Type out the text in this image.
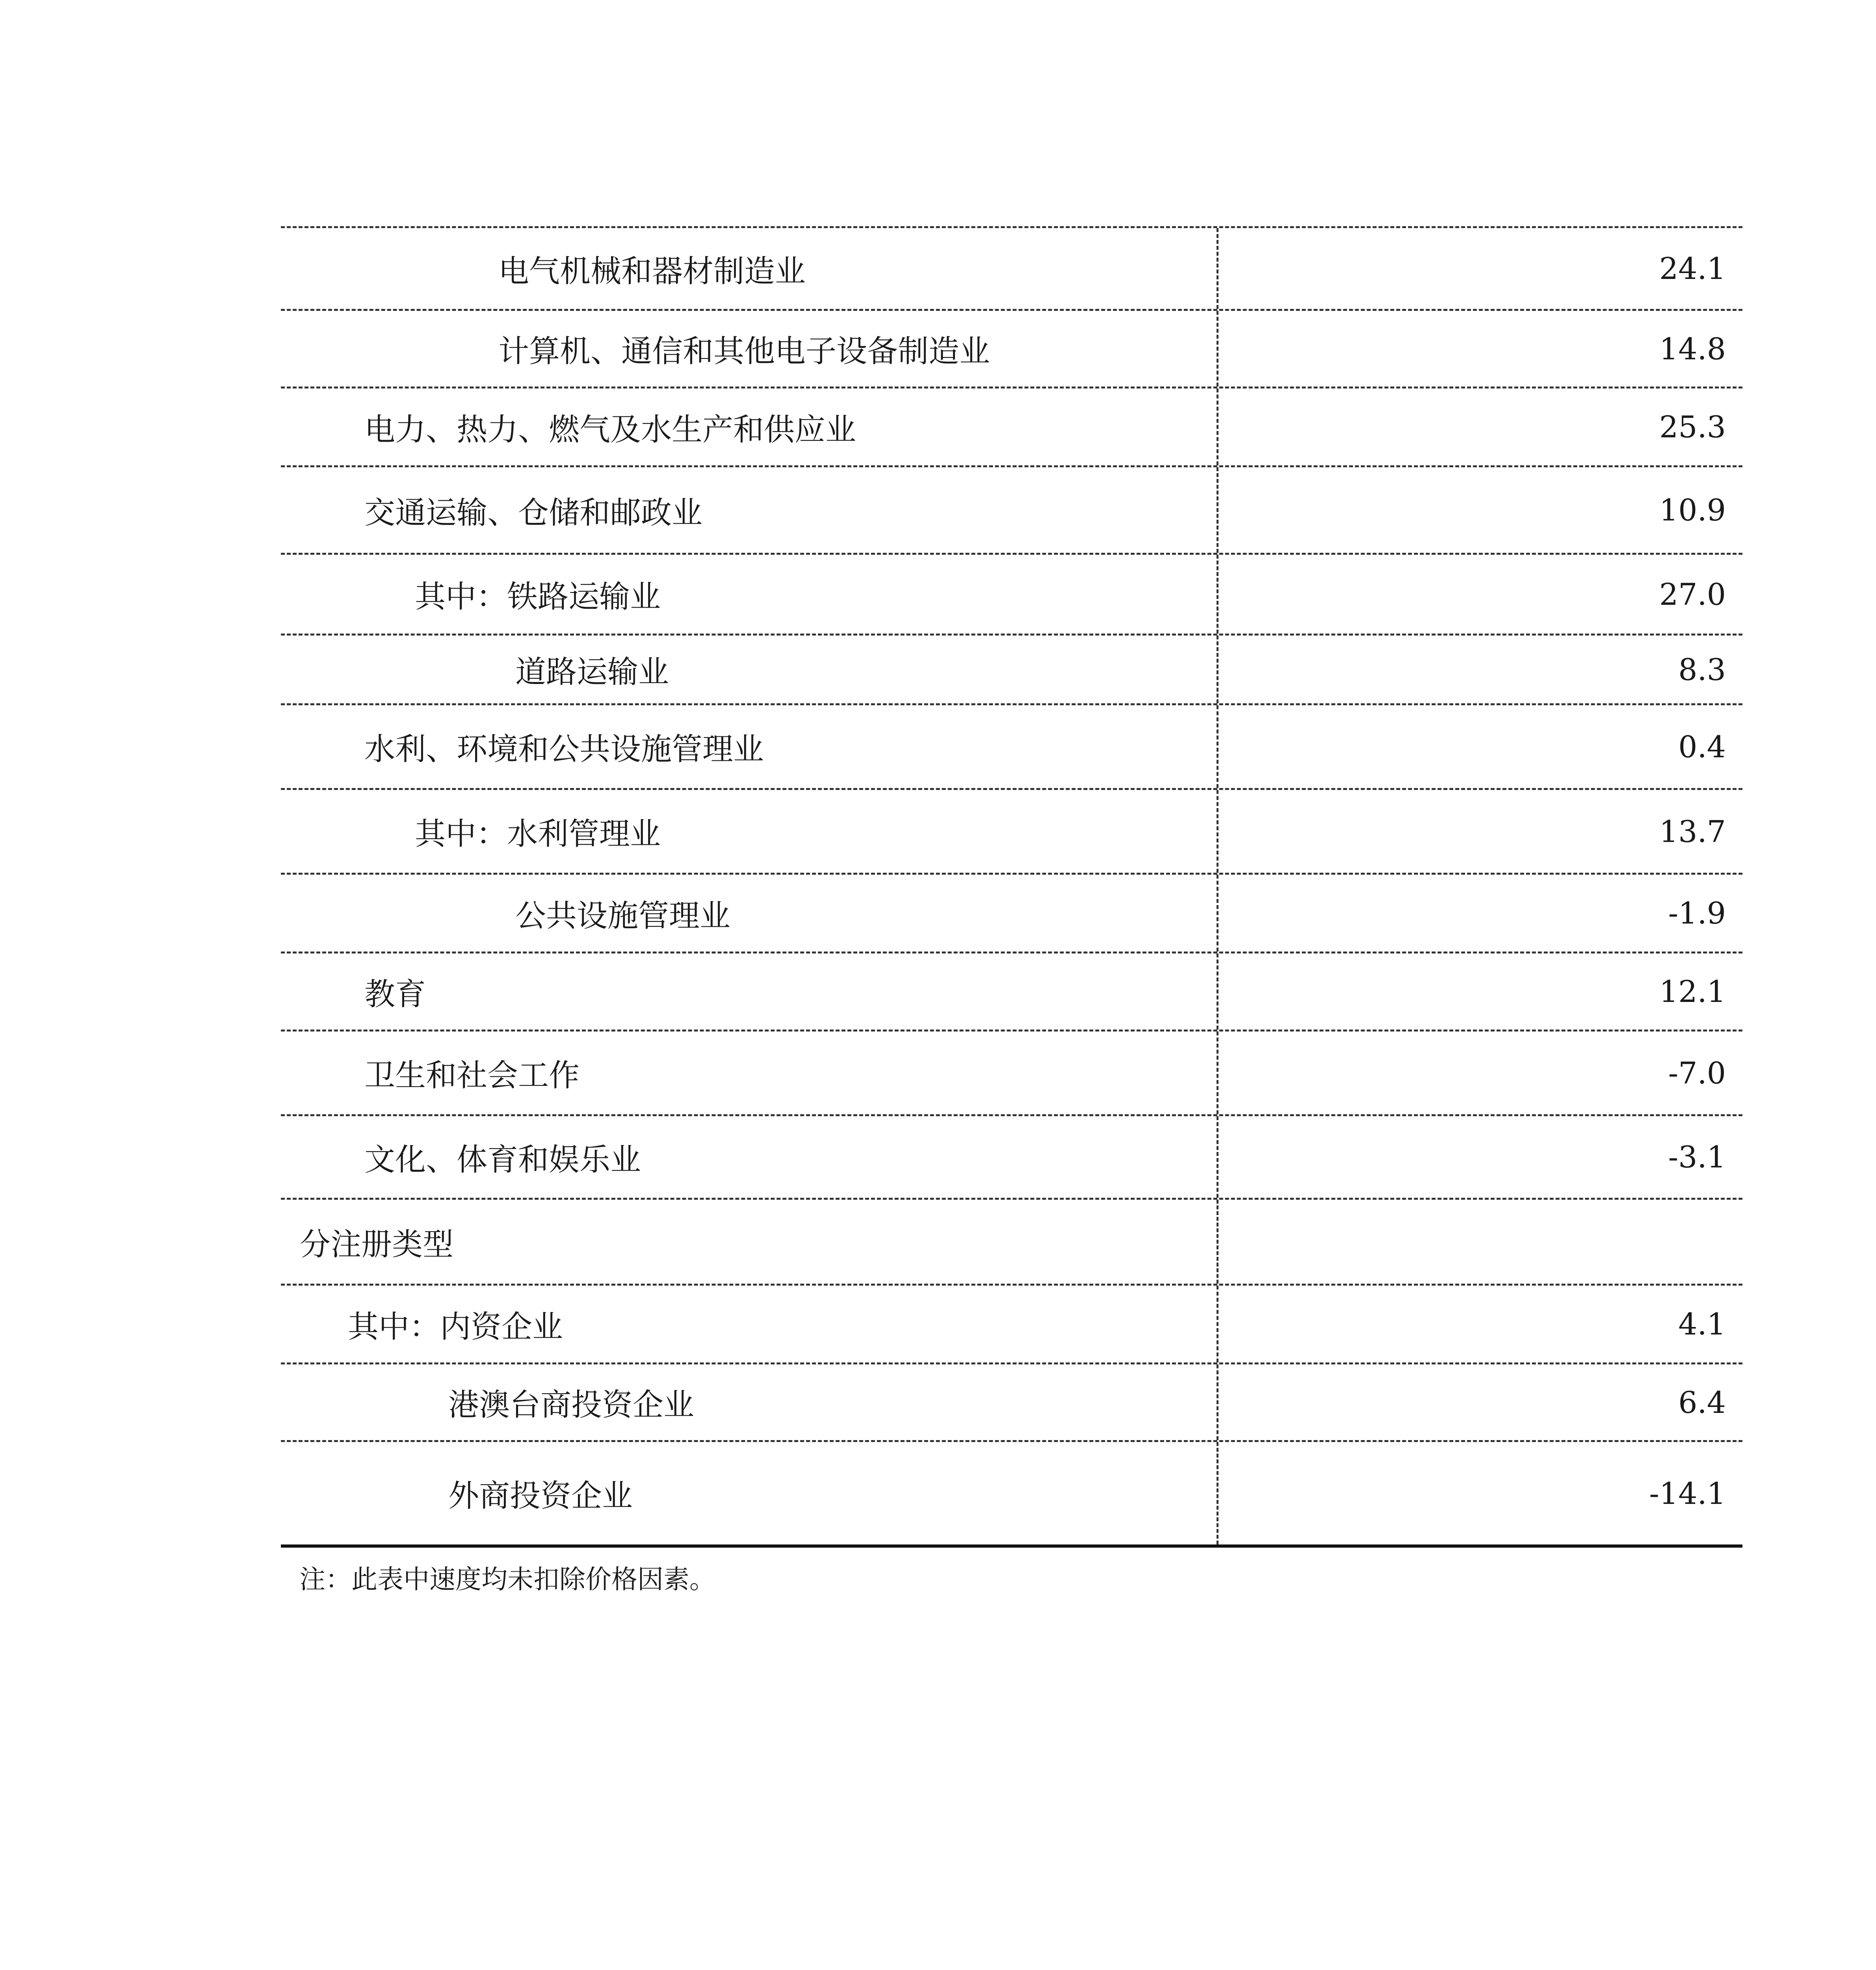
电气机械和器材制造业	24.1
计算机、通信和其他电子设备制造业	14.8
电力、热力、燃气及水生产和供应业	25.3
交通运输、仓储和邮政业	10.9
其中：铁路运输业	27.0
道路运输业	8.3
水利、环境和公共设施管理业	0.4
其中：水利管理业	13.7
公共设施管理业	-1.9
教育	12.1
卫生和社会工作	-7.0
文化、体育和娱乐业	-3.1
分注册类型
其中：内资企业	4.1
港澳台商投资企业	6.4
外商投资企业	-14.1
注：此表中速度均未扣除价格因素。
